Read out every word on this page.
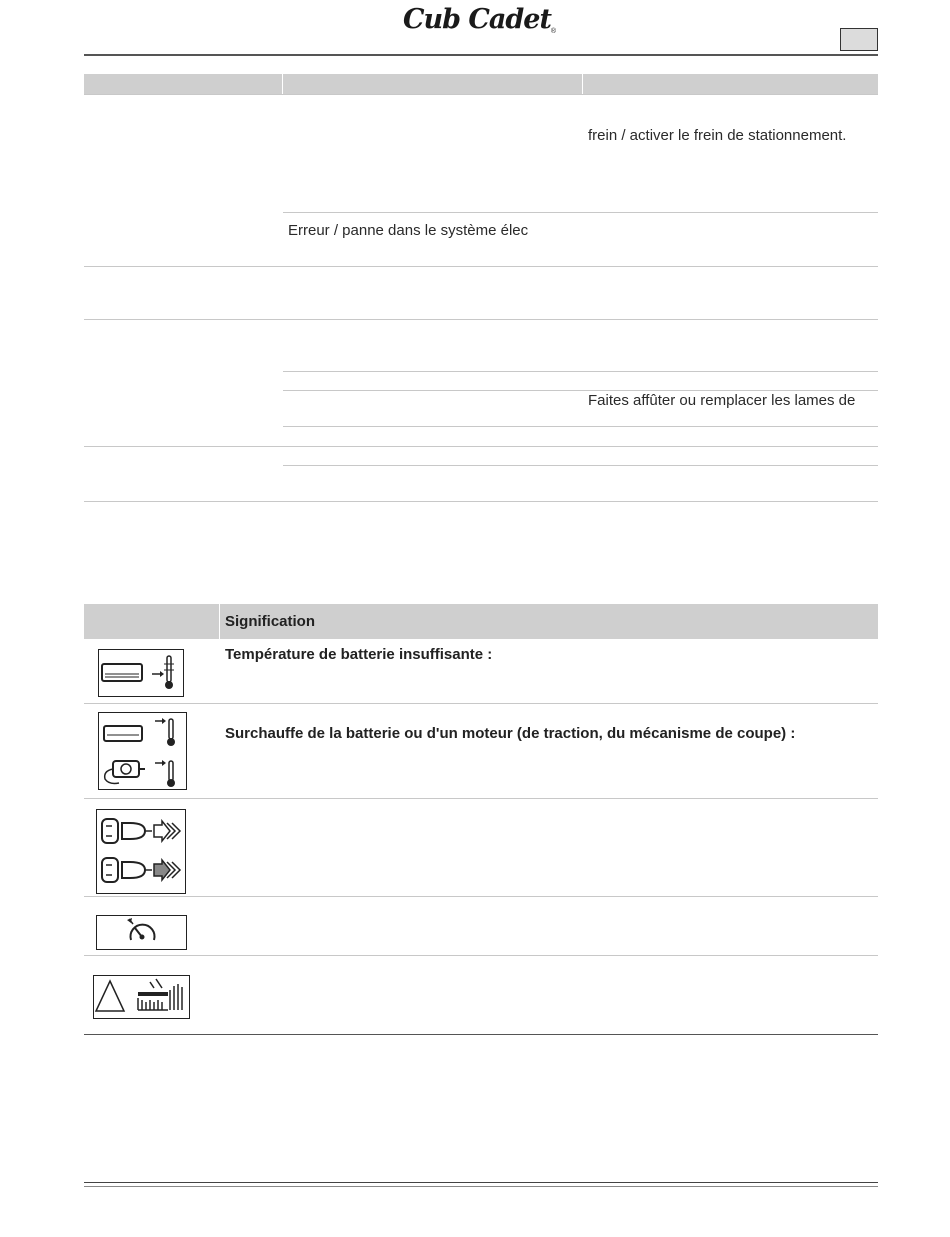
Cub Cadet®
frein / activer le frein de stationnement.
Erreur / panne dans le système élec
Faites affûter ou remplacer les lames de
Signification
Température de batterie insuffisante :
Surchauffe de la batterie ou d'un moteur (de traction, du mécanisme de coupe) :
